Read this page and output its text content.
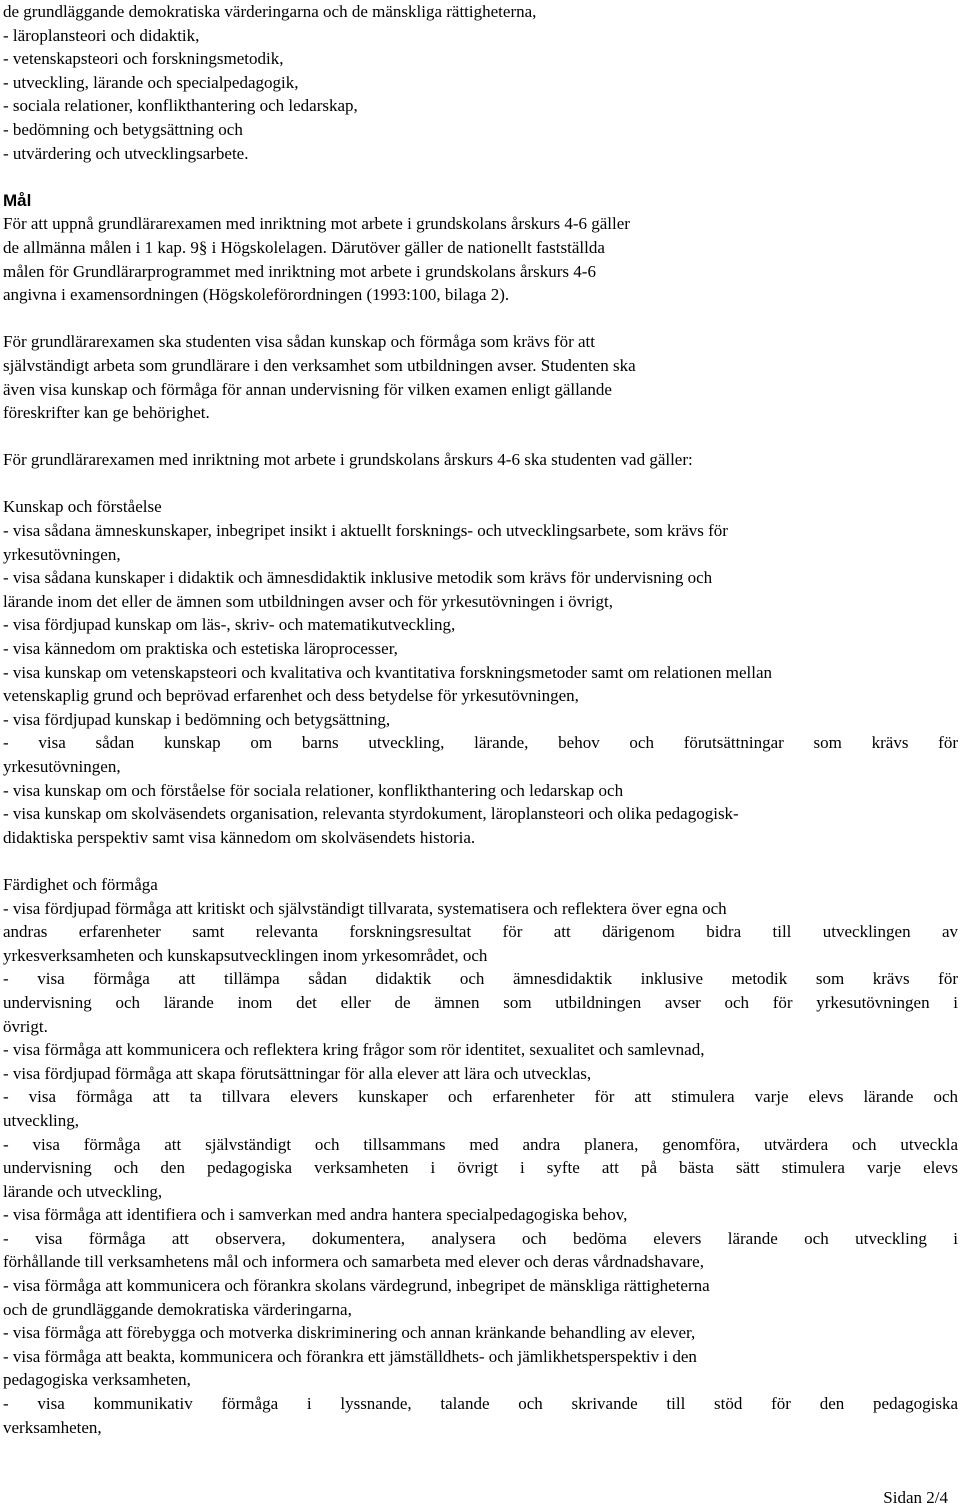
de grundläggande demokratiska värderingarna och de mänskliga rättigheterna,
- läroplansteori och didaktik,
- vetenskapsteori och forskningsmetodik,
- utveckling, lärande och specialpedagogik,
- sociala relationer, konflikthantering och ledarskap,
- bedömning och betygsättning och
- utvärdering och utvecklingsarbete.
Mål
För att uppnå grundlärarexamen med inriktning mot arbete i grundskolans årskurs 4-6 gäller
de allmänna målen i 1 kap. 9§ i Högskolelagen. Därutöver gäller de nationellt fastställda
målen för Grundlärarprogrammet med inriktning mot arbete i grundskolans årskurs 4-6
angivna i examensordningen (Högskoleförordningen (1993:100, bilaga 2).
För grundlärarexamen ska studenten visa sådan kunskap och förmåga som krävs för att
självständigt arbeta som grundlärare i den verksamhet som utbildningen avser. Studenten ska
även visa kunskap och förmåga för annan undervisning för vilken examen enligt gällande
föreskrifter kan ge behörighet.
För grundlärarexamen med inriktning mot arbete i grundskolans årskurs 4-6 ska studenten vad gäller:
Kunskap och förståelse
- visa sådana ämneskunskaper, inbegripet insikt i aktuellt forsknings- och utvecklingsarbete, som krävs för
yrkesutövningen,
- visa sådana kunskaper i didaktik och ämnesdidaktik inklusive metodik som krävs för undervisning och
lärande inom det eller de ämnen som utbildningen avser och för yrkesutövningen i övrigt,
- visa fördjupad kunskap om läs-, skriv- och matematikutveckling,
- visa kännedom om praktiska och estetiska läroprocesser,
- visa kunskap om vetenskapsteori och kvalitativa och kvantitativa forskningsmetoder samt om relationen mellan
vetenskaplig grund och beprövad erfarenhet och dess betydelse för yrkesutövningen,
- visa fördjupad kunskap i bedömning och betygsättning,
- visa sådan kunskap om barns utveckling, lärande, behov och förutsättningar som krävs för
yrkesutövningen,
- visa kunskap om och förståelse för sociala relationer, konflikthantering och ledarskap och
- visa kunskap om skolväsendets organisation, relevanta styrdokument, läroplansteori och olika pedagogisk-
didaktiska perspektiv samt visa kännedom om skolväsendets historia.
Färdighet och förmåga
- visa fördjupad förmåga att kritiskt och självständigt tillvarata, systematisera och reflektera över egna och
andras erfarenheter samt relevanta forskningsresultat för att därigenom bidra till utvecklingen av
yrkesverksamheten och kunskapsutvecklingen inom yrkesområdet, och
- visa förmåga att tillämpa sådan didaktik och ämnesdidaktik inklusive metodik som krävs för
undervisning och lärande inom det eller de ämnen som utbildningen avser och för yrkesutövningen i
övrigt.
- visa förmåga att kommunicera och reflektera kring frågor som rör identitet, sexualitet och samlevnad,
- visa fördjupad förmåga att skapa förutsättningar för alla elever att lära och utvecklas,
- visa förmåga att ta tillvara elevers kunskaper och erfarenheter för att stimulera varje elevs lärande och
utveckling,
- visa förmåga att självständigt och tillsammans med andra planera, genomföra, utvärdera och utveckla
undervisning och den pedagogiska verksamheten i övrigt i syfte att på bästa sätt stimulera varje elevs
lärande och utveckling,
- visa förmåga att identifiera och i samverkan med andra hantera specialpedagogiska behov,
- visa förmåga att observera, dokumentera, analysera och bedöma elevers lärande och utveckling i
förhållande till verksamhetens mål och informera och samarbeta med elever och deras vårdnadshavare,
- visa förmåga att kommunicera och förankra skolans värdegrund, inbegripet de mänskliga rättigheterna
och de grundläggande demokratiska värderingarna,
- visa förmåga att förebygga och motverka diskriminering och annan kränkande behandling av elever,
- visa förmåga att beakta, kommunicera och förankra ett jämställdhets- och jämlikhetsperspektiv i den
pedagogiska verksamheten,
- visa kommunikativ förmåga i lyssnande, talande och skrivande till stöd för den pedagogiska
verksamheten,
Sidan 2/4
